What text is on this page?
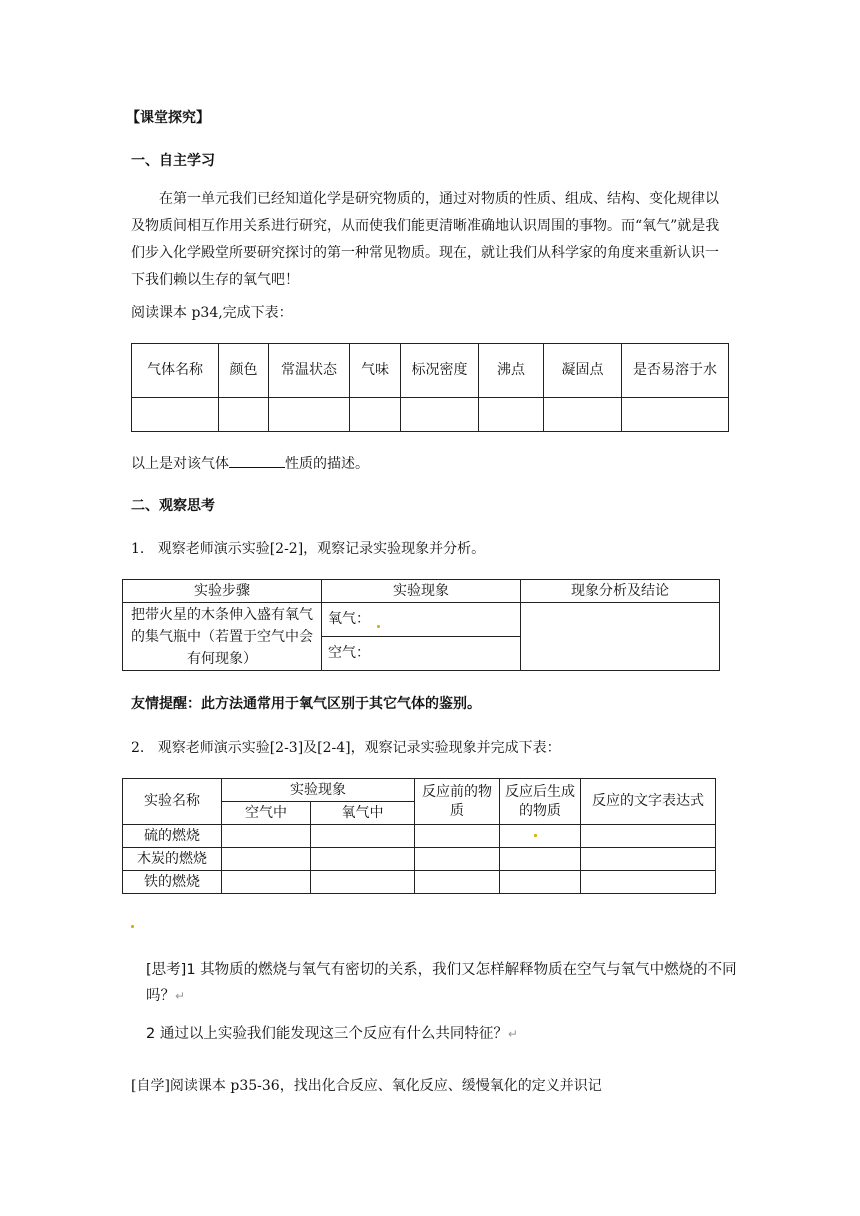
【课堂探究】
一、自主学习
在第一单元我们已经知道化学是研究物质的，通过对物质的性质、组成、结构、变化规律以及物质间相互作用关系进行研究，从而使我们能更清晰准确地认识周围的事物。而“氧气”就是我们步入化学殿堂所要研究探讨的第一种常见物质。现在，就让我们从科学家的角度来重新认识一下我们赖以生存的氧气吧！
阅读课本 p34,完成下表：
气体名称	颜色	常温状态	气味	标况密度	沸点	凝固点	是否易溶于水

以上是对该气体	性质的描述。
二、观察思考
1.   观察老师演示实验[2-2]，观察记录实验现象并分析。
实验步骤	实验现象	现象分析及结论
把带火星的木条伸入盛有氧气的集气瓶中（若置于空气中会有何现象）	氧气：	
	空气：	
友情提醒：此方法通常用于氧气区别于其它气体的鉴别。
2.   观察老师演示实验[2-3]及[2-4]，观察记录实验现象并完成下表：
实验名称	实验现象		反应前的物质	反应后生成的物质	反应的文字表达式
	空气中	氧气中			
硫的燃烧					
木炭的燃烧					
铁的燃烧					
[思考]1 其物质的燃烧与氧气有密切的关系，我们又怎样解释物质在空气与氧气中燃烧的不同吗？↵
2 通过以上实验我们能发现这三个反应有什么共同特征？↵
[自学]阅读课本 p35-36，找出化合反应、氧化反应、缓慢氧化的定义并识记
